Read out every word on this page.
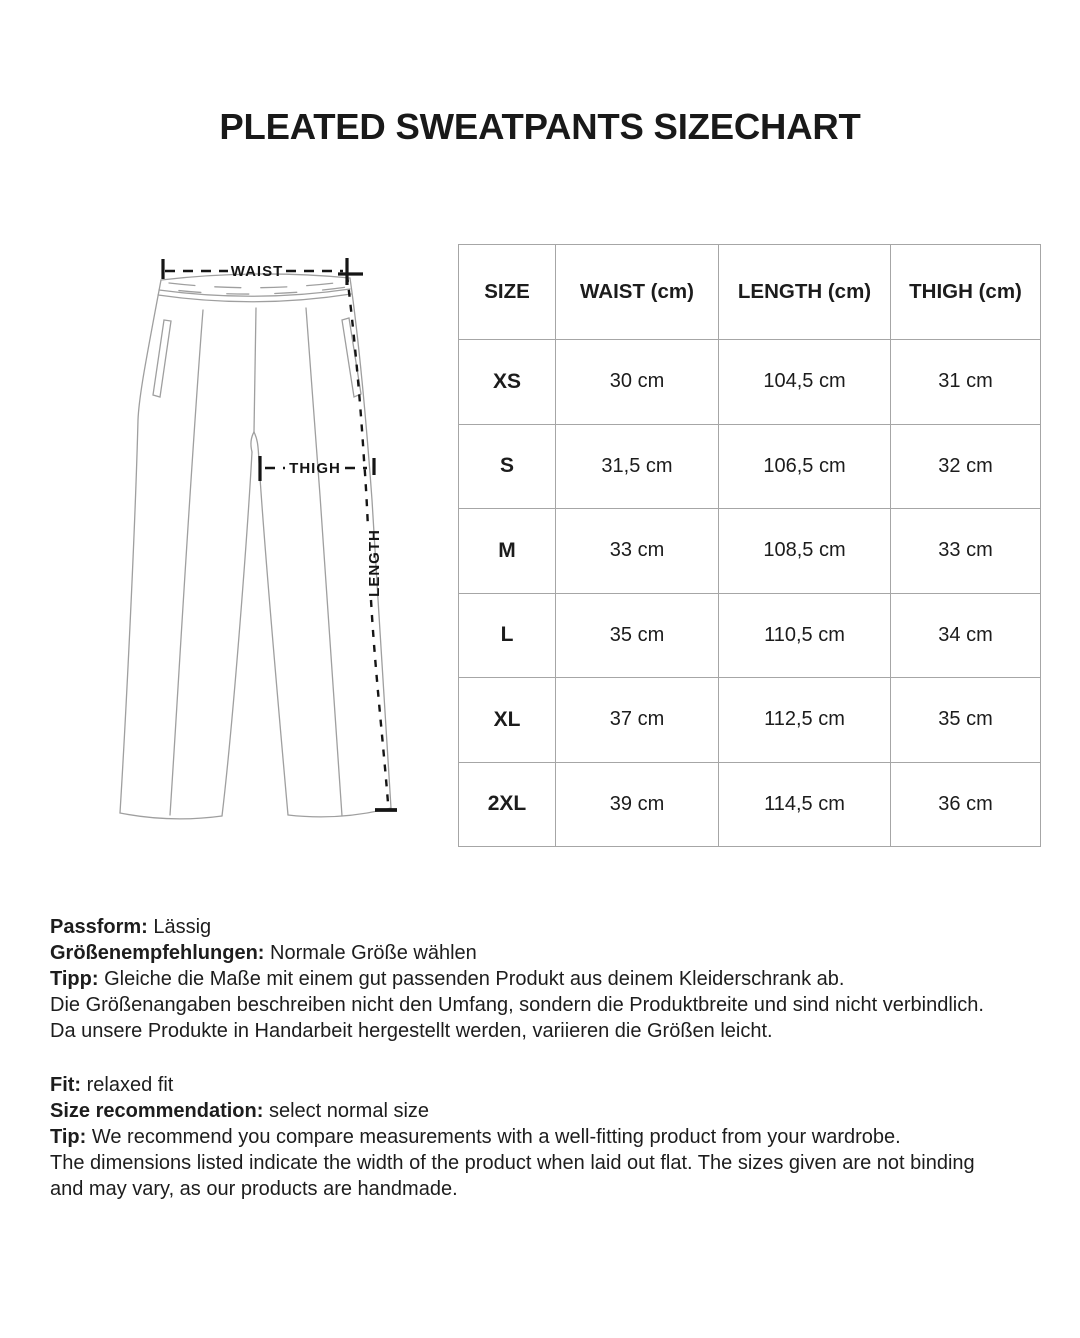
PLEATED SWEATPANTS SIZECHART
WAIST
THIGH
LENGTH
SIZE	WAIST (cm)	LENGTH (cm)	THIGH (cm)
XS	30 cm	104,5 cm	31 cm
S	31,5 cm	106,5 cm	32 cm
M	33 cm	108,5 cm	33 cm
L	35 cm	110,5 cm	34 cm
XL	37 cm	112,5 cm	35 cm
2XL	39 cm	114,5 cm	36 cm
Passform: Lässig
Größenempfehlungen: Normale Größe wählen
Tipp: Gleiche die Maße mit einem gut passenden Produkt aus deinem Kleiderschrank ab.
Die Größenangaben beschreiben nicht den Umfang, sondern die Produktbreite und sind nicht verbindlich.
Da unsere Produkte in Handarbeit hergestellt werden, variieren die Größen leicht.
Fit: relaxed fit
Size recommendation: select normal size
Tip: We recommend you compare measurements with a well-fitting product from your wardrobe.
The dimensions listed indicate the width of the product when laid out flat. The sizes given are not binding
and may vary, as our products are handmade.
